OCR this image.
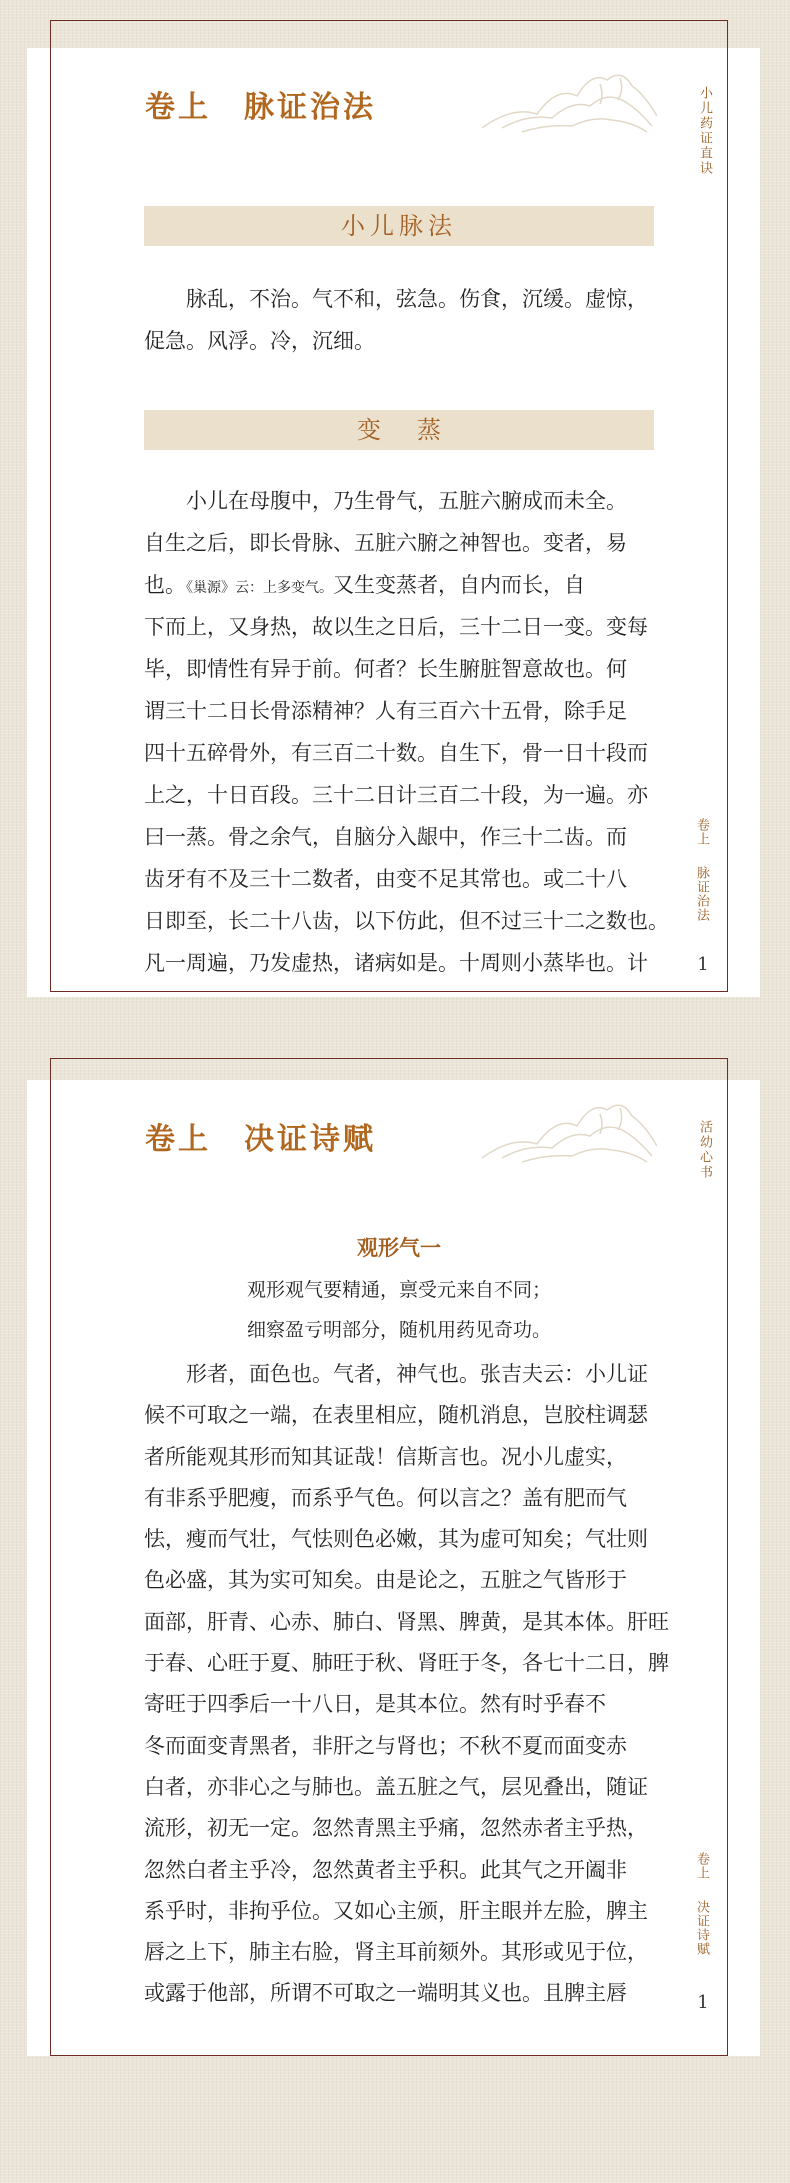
卷上　脉证治法	小儿药证直诀
小儿脉法
脉乱，不治。气不和，弦急。伤食，沉缓。虚惊，
促急。风浮。冷，沉细。
变蒸
小儿在母腹中，乃生骨气，五脏六腑成而未全。
自生之后，即长骨脉、五脏六腑之神智也。变者，易
也。《巢源》云：上多变气。又生变蒸者，自内而长，自
下而上，又身热，故以生之日后，三十二日一变。变每
毕，即情性有异于前。何者？长生腑脏智意故也。何
谓三十二日长骨添精神？人有三百六十五骨，除手足
四十五碎骨外，有三百二十数。自生下，骨一日十段而
上之，十日百段。三十二日计三百二十段，为一遍。亦
曰一蒸。骨之余气，自脑分入龈中，作三十二齿。而
齿牙有不及三十二数者，由变不足其常也。或二十八
日即至，长二十八齿，以下仿此，但不过三十二之数也。
凡一周遍，乃发虚热，诸病如是。十周则小蒸毕也。计
卷上
脉证治法
1
卷上　决证诗赋	活幼心书
观形气一
观形观气要精通，禀受元来自不同；
细察盈亏明部分，随机用药见奇功。
形者，面色也。气者，神气也。张吉夫云：小儿证
候不可取之一端，在表里相应，随机消息，岂胶柱调瑟
者所能观其形而知其证哉！信斯言也。况小儿虚实，
有非系乎肥瘦，而系乎气色。何以言之？盖有肥而气
怯，瘦而气壮，气怯则色必嫩，其为虚可知矣；气壮则
色必盛，其为实可知矣。由是论之，五脏之气皆形于
面部，肝青、心赤、肺白、肾黑、脾黄，是其本体。肝旺
于春、心旺于夏、肺旺于秋、肾旺于冬，各七十二日，脾
寄旺于四季后一十八日，是其本位。然有时乎春不
冬而面变青黑者，非肝之与肾也；不秋不夏而面变赤
白者，亦非心之与肺也。盖五脏之气，层见叠出，随证
流形，初无一定。忽然青黑主乎痛，忽然赤者主乎热，
忽然白者主乎冷，忽然黄者主乎积。此其气之开阖非
系乎时，非拘乎位。又如心主颁，肝主眼并左脸，脾主
唇之上下，肺主右脸，肾主耳前颏外。其形或见于位，
或露于他部，所谓不可取之一端明其义也。且脾主唇
卷上
决证诗赋
1
